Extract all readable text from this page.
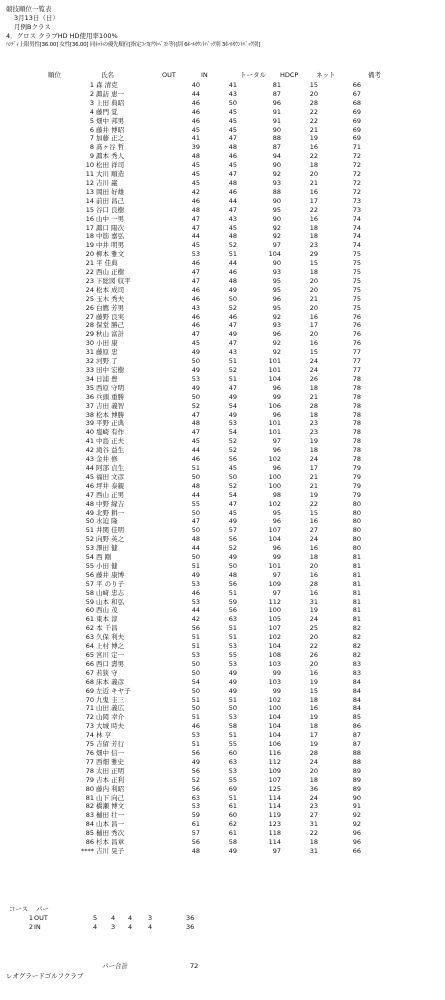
競技順位一覧表
3月13日（日）
月例Bクラス
4．グロス クラブHD HD使用率100%
ﾊﾝﾃﾞｨ上限男性[36.00] 女性[36.00] 同ﾈｯﾄの優先順位[指定ｺｰｽ(ｱｳﾄﾍﾞｽﾄ等)]別 6ﾎｰﾙｶｳﾝﾄﾊﾞｯｸ別 3ﾎｰﾙｶｳﾝﾄﾊﾞｯｸ別]
順位	氏名	OUT	IN	トータル HDCP	ネット	備考
1 森 清克	40	41	81	15	66
2 諏訪 恵一	44	43	87	20	67
3 上田 典昭	46	50	96	28	68
4 藤門 覚	46	45	91	22	69
5 畑中 邦男	46	45	91	22	69
6 藤井 博昭	45	45	90	21	69
7 加藤 正之	41	47	88	19	69
8 髙ヶ谷 哲	39	48	87	16	71
9 諏本 秀人	48	46	94	22	72
10 松田 祥司	45	45	90	18	72
11 大川 順造	45	47	92	20	72
12 吉川 巌	45	48	93	21	72
13 岡田 好雄	42	46	88	16	72
14 前田 昌己	46	44	90	17	73
15 谷口 良樹	48	47	95	22	73
16 山中 一男	47	43	90	16	74
17 諏口 陽次	47	45	92	18	74
18 中筋 嘉弘	44	48	92	18	74
19 中井 明男	45	52	97	23	74
20 柳本 雅文	53	51	104	29	75
21 平 佳典	46	44	90	15	75
22 西山 正樹	47	46	93	18	75
23 下総図 収平	47	48	95	20	75
24 松本 成司	46	49	95	20	75
25 玉木 秀夫	46	50	96	21	75
26 白鷹 芳男	43	52	95	20	75
27 藤野 良実	46	46	92	16	76
28 保堂 勝己	46	47	93	17	76
29 秋山 富計	47	49	96	20	76
30 小田 康	45	47	92	16	76
31 藤原 忠	49	43	92	15	77
32 河野 了	50	51	101	24	77
33 田中 宏樹	49	52	101	24	77
34 日浦 豊	53	51	104	26	78
35 西原 守明	49	47	96	18	78
36 兵頭 重勝	50	49	99	21	78
37 吉田 義智	52	54	106	28	78
38 松本 博勝	47	49	96	18	78
39 平野 正典	48	53	101	23	78
40 塩崎 有作	47	54	101	23	78
41 中島 正夫	45	52	97	19	78
42 滝谷 益生	44	52	96	18	78
43 金井 修	46	56	102	24	78
44 阿部 貞生	51	45	96	17	79
45 福田 文彦	50	50	100	21	79
46 坪井 泰親	48	52	100	21	79
47 西山 正男	44	54	98	19	79
48 中野 縁吉	55	47	102	22	80
49 北野 耕一	50	45	95	15	80
50 水迫 隆	47	49	96	16	80
51 井関 佳明	50	57	107	27	80
52 向野 英之	48	56	104	24	80
53 澤田 健	44	52	96	16	80
54 西 剛	50	49	99	18	81
55 小田 健	51	50	101	20	81
56 藤井 康博	49	48	97	16	81
57 平 のり子	53	56	109	28	81
58 山﨑 忠志	46	51	97	16	81
59 山本 和弘	53	59	112	31	81
60 西山 茂	44	56	100	19	81
61 東本 淳	42	63	105	24	81
62 本 千昌	56	51	107	25	82
63 久保 利夫	51	51	102	20	82
64 上村 博之	51	53	104	22	82
65 宮川 定一	53	55	108	26	82
66 西口 壽男	50	53	103	20	83
67 若狭 守	50	49	99	16	83
68 床本 義彦	54	49	103	19	84
69 左近 キヤ子	50	49	99	15	84
70 九鬼 圭三	51	51	102	18	84
71 山田 義広	50	50	100	16	84
72 山岡 幸介	51	53	104	19	85
73 大城 時夫	46	58	104	18	86
74 林 亨	53	51	104	17	87
75 吉留 芳行	51	55	106	19	87
76 畑中 信一	56	60	116	28	88
77 西畑 雅史	49	63	112	24	88
78 太田 正明	56	53	109	20	89
79 吉本 正利	52	55	107	18	89
80 藤内 利昭	56	69	125	36	89
81 山下 向己	63	51	114	24	90
82 橋瀬 博文	53	61	114	23	91
83 樋田 壮一	59	60	119	27	92
84 山本 昌一	61	62	123	31	92
85 樋田 秀次	57	61	118	22	96
86 杉本 昌章	56	58	114	18	96
**** 吉川 晃子	48	49	97	31	66
コース パー
1 OUT	5 4 4 3	36
2 IN	4 3 4 4	36
パー合計	72
レオグラードゴルフクラブ
